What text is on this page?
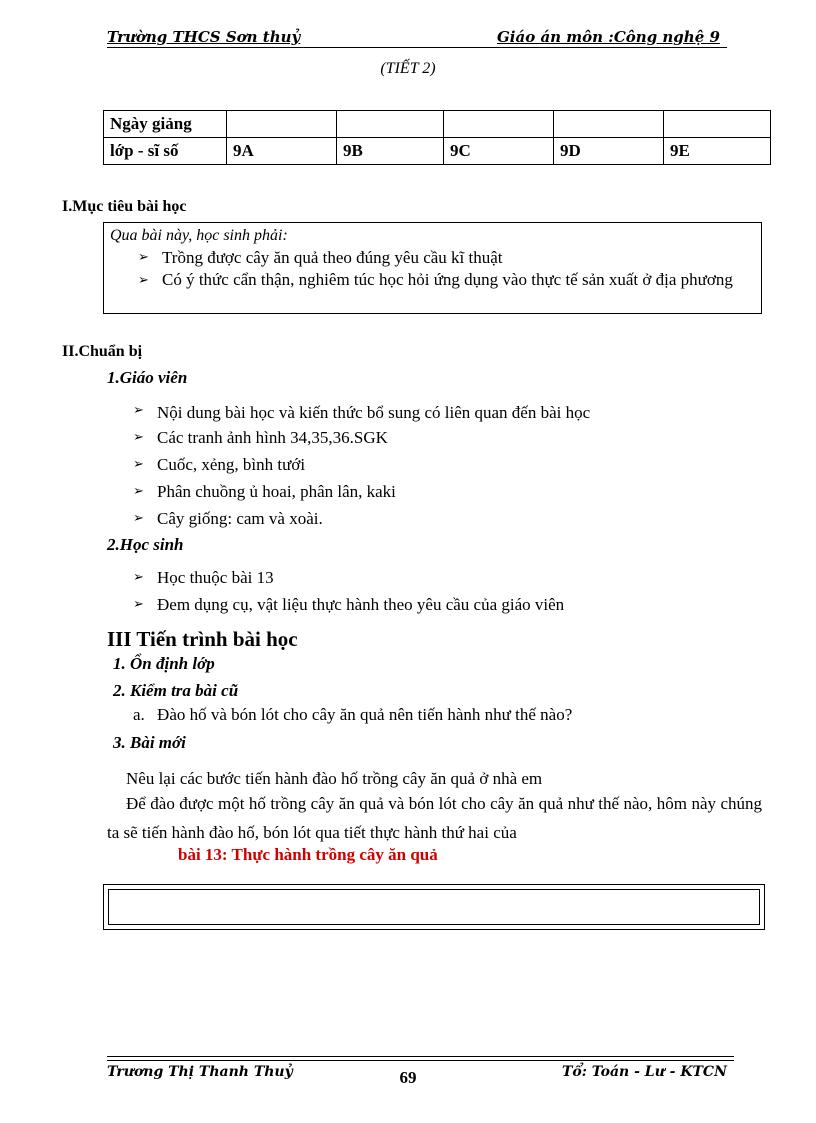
Trường THCS Sơn thuỷ	Giáo án môn :Công nghệ 9
(TIẾT 2)
Ngày giảng					
lớp - sĩ số	9A	9B	9C	9D	9E
I.Mục tiêu bài học
Qua bài này, học sinh phải:
➢ Trồng được cây ăn quả theo đúng yêu cầu kĩ thuật
➢ Có ý thức cẩn thận, nghiêm túc học hỏi ứng dụng vào thực tế sản xuất ở địa phương
II.Chuẩn bị
1.Giáo viên
➢ Nội dung bài học và kiến thức bổ sung có liên quan đến bài học
➢ Các tranh ảnh hình 34,35,36.SGK
➢ Cuốc, xẻng, bình tưới
➢ Phân chuồng ủ hoai, phân lân, kaki
➢ Cây giống: cam và xoài.
2.Học sinh
➢ Học thuộc bài 13
➢ Đem dụng cụ, vật liệu thực hành theo yêu cầu của giáo viên
III Tiến trình bài học
1. Ổn định lớp
2. Kiểm tra bài cũ
a. Đào hố và bón lót cho cây ăn quả nên tiến hành như thế nào?
3. Bài mới
Nêu lại các bước tiến hành đào hố trồng cây ăn quả ở nhà em
Để đào được một hố trồng cây ăn quả và bón lót cho cây ăn quả như thế nào, hôm này chúng ta sẽ tiến hành đào hố, bón lót qua tiết thực hành thứ hai của
bài 13: Thực hành trồng cây ăn quả
Trương Thị Thanh Thuỷ	69	Tổ: Toán - Lư - KTCN
